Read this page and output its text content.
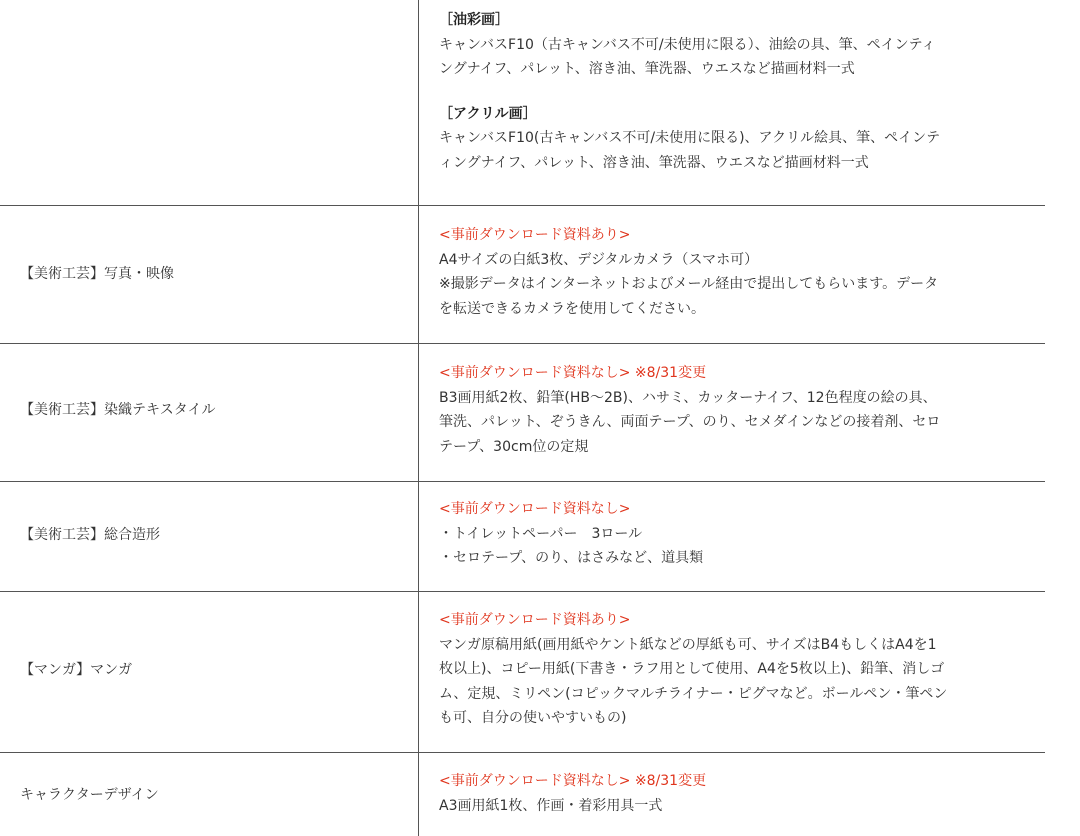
［油彩画］
キャンバスF10（古キャンバス不可/未使用に限る）、油絵の具、筆、ペインティ
ングナイフ、パレット、溶き油、筆洗器、ウエスなど描画材料一式
［アクリル画］
キャンバスF10(古キャンバス不可/未使用に限る)、アクリル絵具、筆、ペインテ
ィングナイフ、パレット、溶き油、筆洗器、ウエスなど描画材料一式
【美術工芸】写真・映像
<事前ダウンロード資料あり>
A4サイズの白紙3枚、デジタルカメラ（スマホ可）
※撮影データはインターネットおよびメール経由で提出してもらいます。データ
を転送できるカメラを使用してください。
【美術工芸】染織テキスタイル
<事前ダウンロード資料なし> ※8/31変更
B3画用紙2枚、鉛筆(HB～2B)、ハサミ、カッターナイフ、12色程度の絵の具、
筆洗、パレット、ぞうきん、両面テープ、のり、セメダインなどの接着剤、セロ
テープ、30cm位の定規
【美術工芸】総合造形
<事前ダウンロード資料なし>
・トイレットペーパー　3ロール
・セロテープ、のり、はさみなど、道具類
【マンガ】マンガ
<事前ダウンロード資料あり>
マンガ原稿用紙(画用紙やケント紙などの厚紙も可、サイズはB4もしくはA4を1
枚以上)、コピー用紙(下書き・ラフ用として使用、A4を5枚以上)、鉛筆、消しゴ
ム、定規、ミリペン(コピックマルチライナー・ピグマなど。ボールペン・筆ペン
も可、自分の使いやすいもの)
キャラクターデザイン
<事前ダウンロード資料なし> ※8/31変更
A3画用紙1枚、作画・着彩用具一式
